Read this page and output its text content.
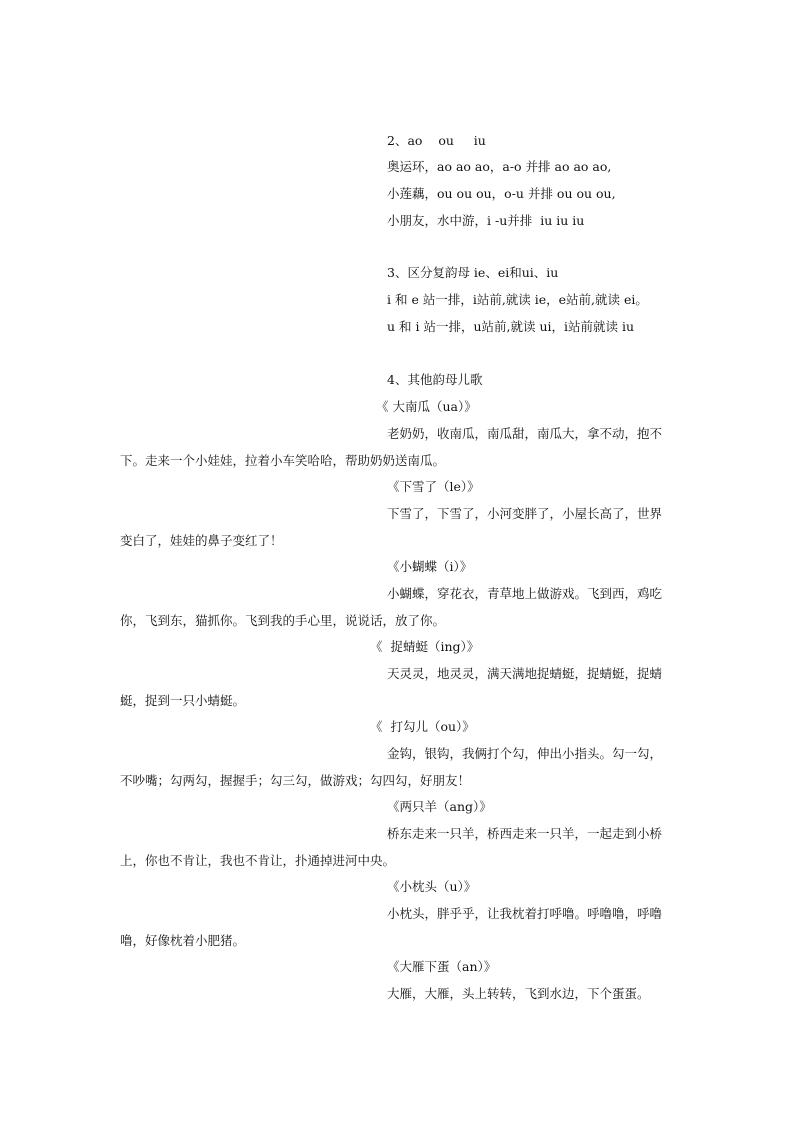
2、ao    ou     iu
奥运环，ao ao ao，a-o 并排 ao ao ao,
小莲藕，ou ou ou，o-u 并排 ou ou ou,
小朋友，水中游，i -u并排  iu iu iu
3、区分复韵母 ie、ei和ui、iu
i 和 e 站一排，i站前,就读 ie，e站前,就读 ei。
u 和 i 站一排，u站前,就读 ui，i站前就读 iu
4、其他韵母儿歌
《 大南瓜（ua）》
老奶奶，收南瓜，南瓜甜，南瓜大，拿不动，抱不
下。走来一个小娃娃，拉着小车笑哈哈，帮助奶奶送南瓜。
《下雪了（le）》
下雪了，下雪了，小河变胖了，小屋长高了，世界
变白了，娃娃的鼻子变红了！
《小蝴蝶（i）》
小蝴蝶，穿花衣，青草地上做游戏。飞到西，鸡吃
你，飞到东，猫抓你。飞到我的手心里，说说话，放了你。
《  捉蜻蜓（ing）》
天灵灵，地灵灵，满天满地捉蜻蜓，捉蜻蜓，捉蜻
蜓，捉到一只小蜻蜓。
《  打勾儿（ou）》
金钩，银钩，我俩打个勾，伸出小指头。勾一勾，
不吵嘴；勾两勾，握握手；勾三勾，做游戏；勾四勾，好朋友！
《两只羊（ang）》
桥东走来一只羊，桥西走来一只羊，一起走到小桥
上，你也不肯让，我也不肯让，扑通掉进河中央。
《小枕头（u）》
小枕头，胖乎乎，让我枕着打呼噜。呼噜噜，呼噜
噜，好像枕着小肥猪。
《大雁下蛋（an）》
大雁，大雁，头上转转，飞到水边，下个蛋蛋。
